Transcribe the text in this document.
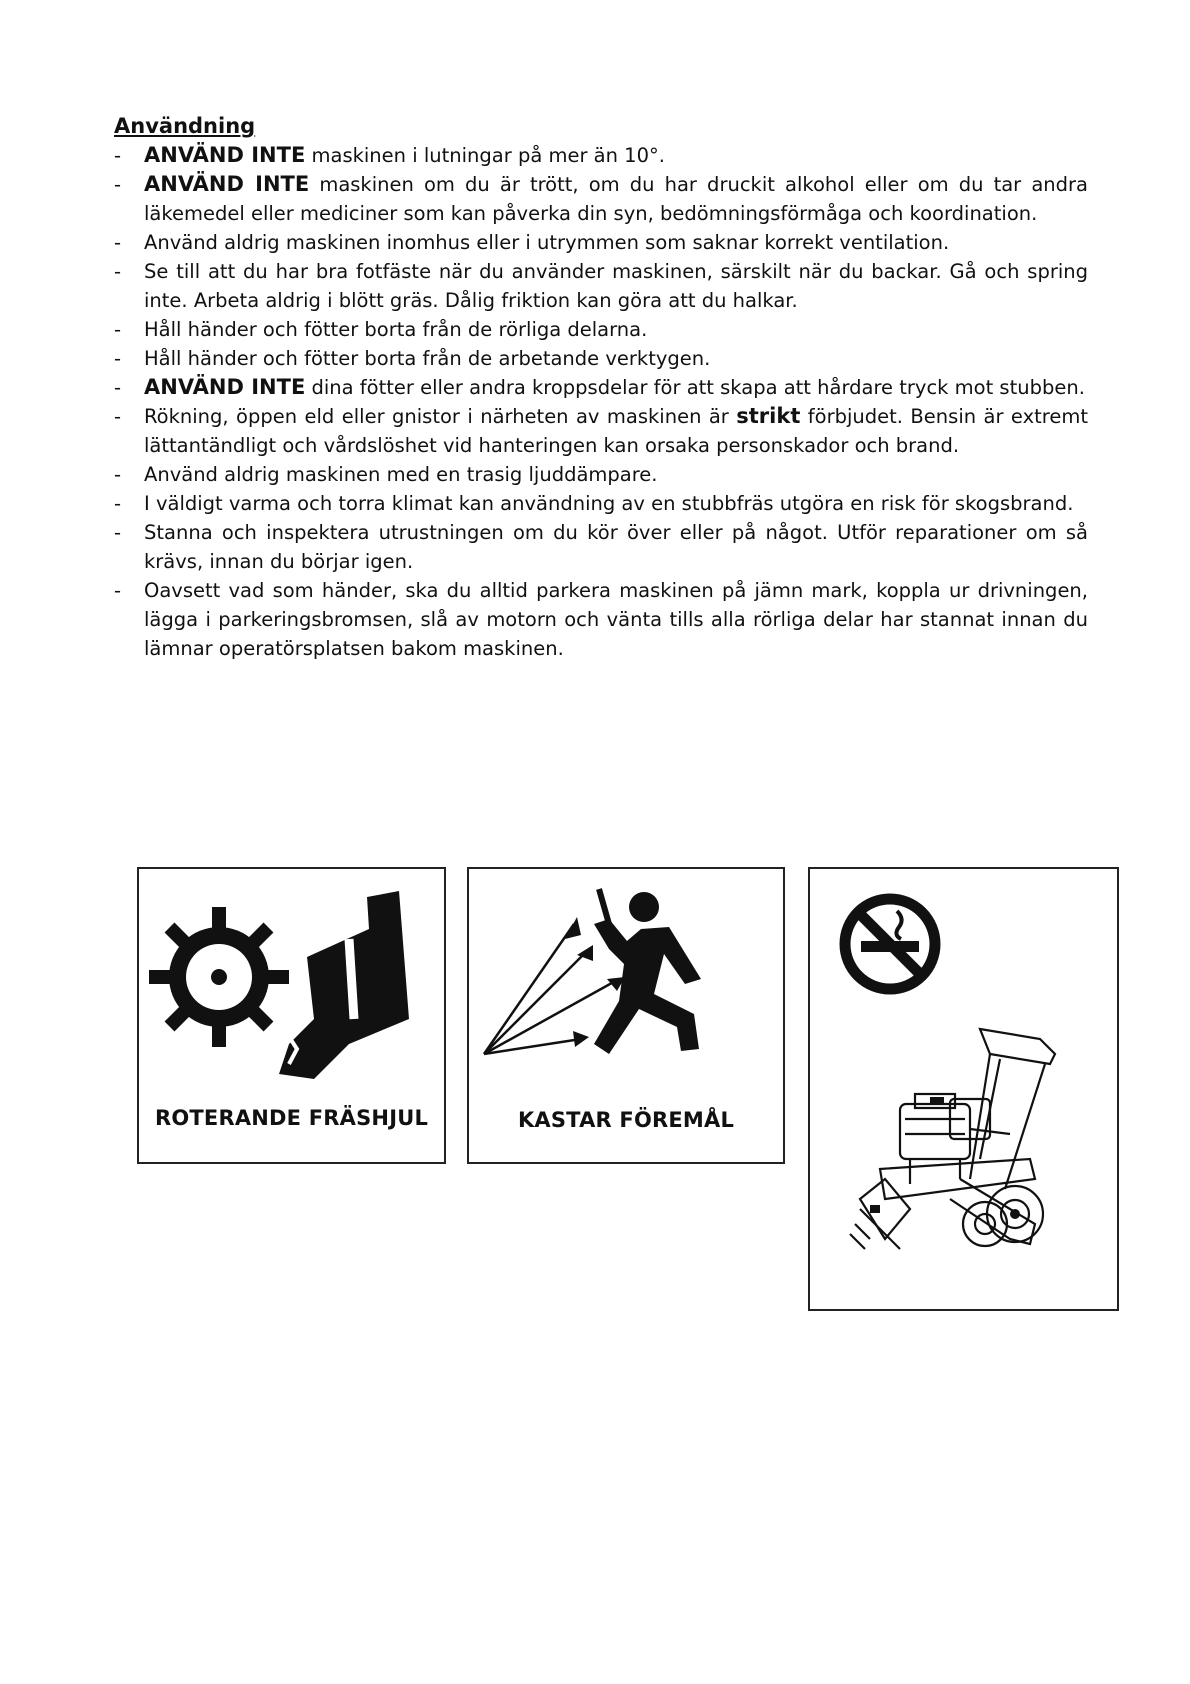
Användning
- ANVÄND INTE maskinen i lutningar på mer än 10°.
- ANVÄND INTE maskinen om du är trött, om du har druckit alkohol eller om du tar andra läkemedel eller mediciner som kan påverka din syn, bedömningsförmåga och koordination.
- Använd aldrig maskinen inomhus eller i utrymmen som saknar korrekt ventilation.
- Se till att du har bra fotfäste när du använder maskinen, särskilt när du backar. Gå och spring inte. Arbeta aldrig i blött gräs. Dålig friktion kan göra att du halkar.
- Håll händer och fötter borta från de rörliga delarna.
- Håll händer och fötter borta från de arbetande verktygen.
- ANVÄND INTE dina fötter eller andra kroppsdelar för att skapa att hårdare tryck mot stubben.
- Rökning, öppen eld eller gnistor i närheten av maskinen är strikt förbjudet. Bensin är extremt lättantändligt och vårdslöshet vid hanteringen kan orsaka personskador och brand.
- Använd aldrig maskinen med en trasig ljuddämpare.
- I väldigt varma och torra klimat kan användning av en stubbfräs utgöra en risk för skogsbrand.
- Stanna och inspektera utrustningen om du kör över eller på något. Utför reparationer om så krävs, innan du börjar igen.
- Oavsett vad som händer, ska du alltid parkera maskinen på jämn mark, koppla ur drivningen, lägga i parkeringsbromsen, slå av motorn och vänta tills alla rörliga delar har stannat innan du lämnar operatörsplatsen bakom maskinen.
ROTERANDE FRÄSHJUL	KASTAR FÖREMÅL
